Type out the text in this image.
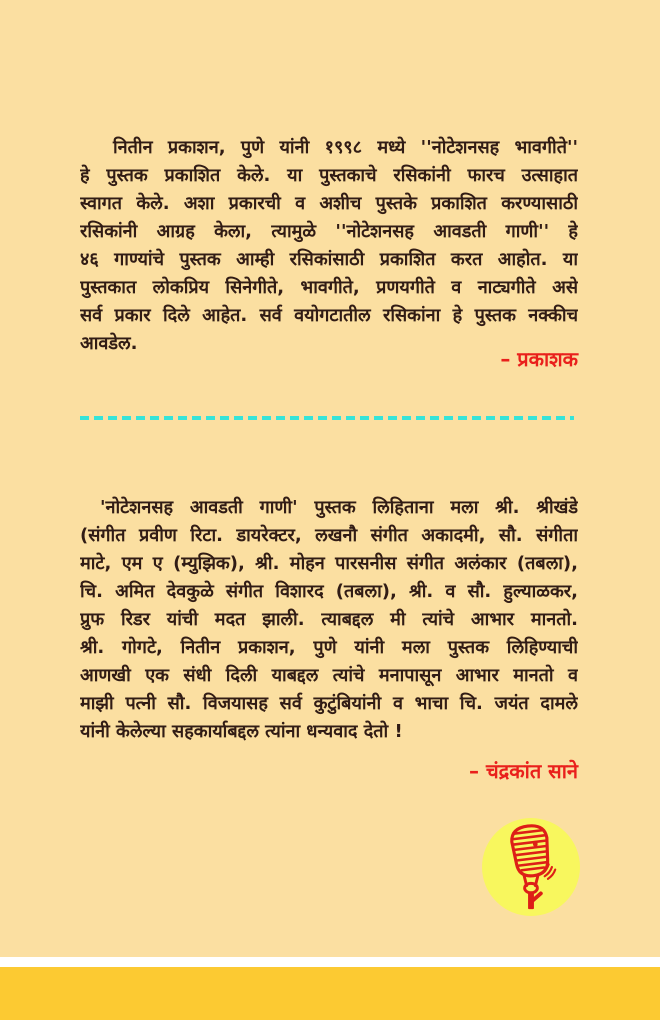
नितीन प्रकाशन, पुणे यांनी १९९८ मध्ये ''नोटेशनसह भावगीते''
हे पुस्तक प्रकाशित केले. या पुस्तकाचे रसिकांनी फारच उत्साहात
स्वागत केले. अशा प्रकारची व अशीच पुस्तके प्रकाशित करण्यासाठी
रसिकांनी आग्रह केला, त्यामुळे ''नोटेशनसह आवडती गाणी'' हे
४६ गाण्यांचे पुस्तक आम्ही रसिकांसाठी प्रकाशित करत आहोत. या
पुस्तकात लोकप्रिय सिनेगीते, भावगीते, प्रणयगीते व नाट्यगीते असे
सर्व प्रकार दिले आहेत. सर्व वयोगटातील रसिकांना हे पुस्तक नक्कीच
आवडेल.
– प्रकाशक
'नोटेशनसह आवडती गाणी' पुस्तक लिहिताना मला श्री. श्रीखंडे
(संगीत प्रवीण रिटा. डायरेक्टर, लखनौ संगीत अकादमी, सौ. संगीता
माटे, एम ए (म्युझिक), श्री. मोहन पारसनीस संगीत अलंकार (तबला),
चि. अमित देवकुळे संगीत विशारद (तबला), श्री. व सौ. हुल्याळकर,
प्रुफ रिडर यांची मदत झाली. त्याबद्दल मी त्यांचे आभार मानतो.
श्री. गोगटे, नितीन प्रकाशन, पुणे यांनी मला पुस्तक लिहिण्याची
आणखी एक संधी दिली याबद्दल त्यांचे मनापासून आभार मानतो व
माझी पत्नी सौ. विजयासह सर्व कुटुंबियांनी व भाचा चि. जयंत दामले
यांनी केलेल्या सहकार्याबद्दल त्यांना धन्यवाद देतो !
– चंद्रकांत साने
